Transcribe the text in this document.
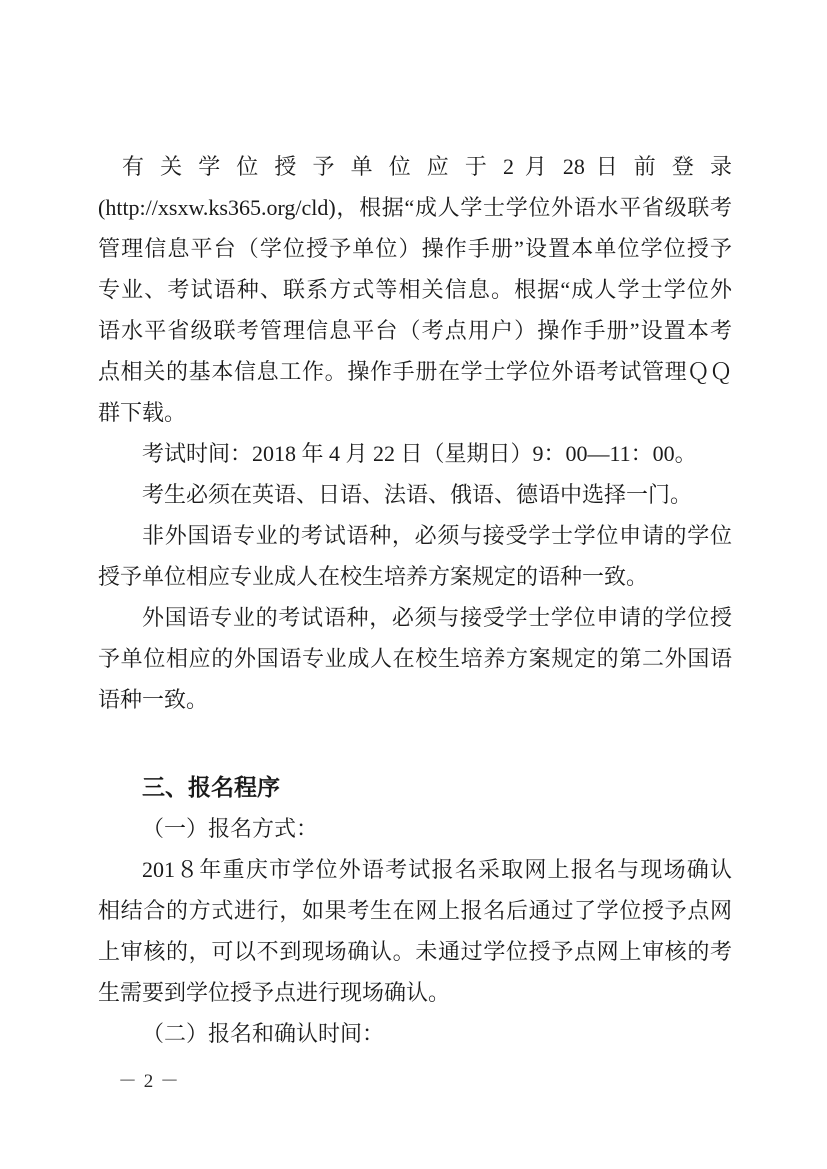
有 关 学 位 授 予 单 位 应 于 2 月 28 日 前 登 录
(http://xsxw.ks365.org/cld)，根据“成人学士学位外语水平省级联考
管理信息平台（学位授予单位）操作手册”设置本单位学位授予
专业、考试语种、联系方式等相关信息。根据“成人学士学位外
语水平省级联考管理信息平台（考点用户）操作手册”设置本考
点相关的基本信息工作。操作手册在学士学位外语考试管理ＱＱ
群下载。
考试时间：2018 年 4 月 22 日（星期日）9：00—11：00。
考生必须在英语、日语、法语、俄语、德语中选择一门。
非外国语专业的考试语种，必须与接受学士学位申请的学位
授予单位相应专业成人在校生培养方案规定的语种一致。
外国语专业的考试语种，必须与接受学士学位申请的学位授
予单位相应的外国语专业成人在校生培养方案规定的第二外国语
语种一致。
三、报名程序
（一）报名方式：
201８年重庆市学位外语考试报名采取网上报名与现场确认
相结合的方式进行，如果考生在网上报名后通过了学位授予点网
上审核的，可以不到现场确认。未通过学位授予点网上审核的考
生需要到学位授予点进行现场确认。
（二）报名和确认时间：
－ 2 －
